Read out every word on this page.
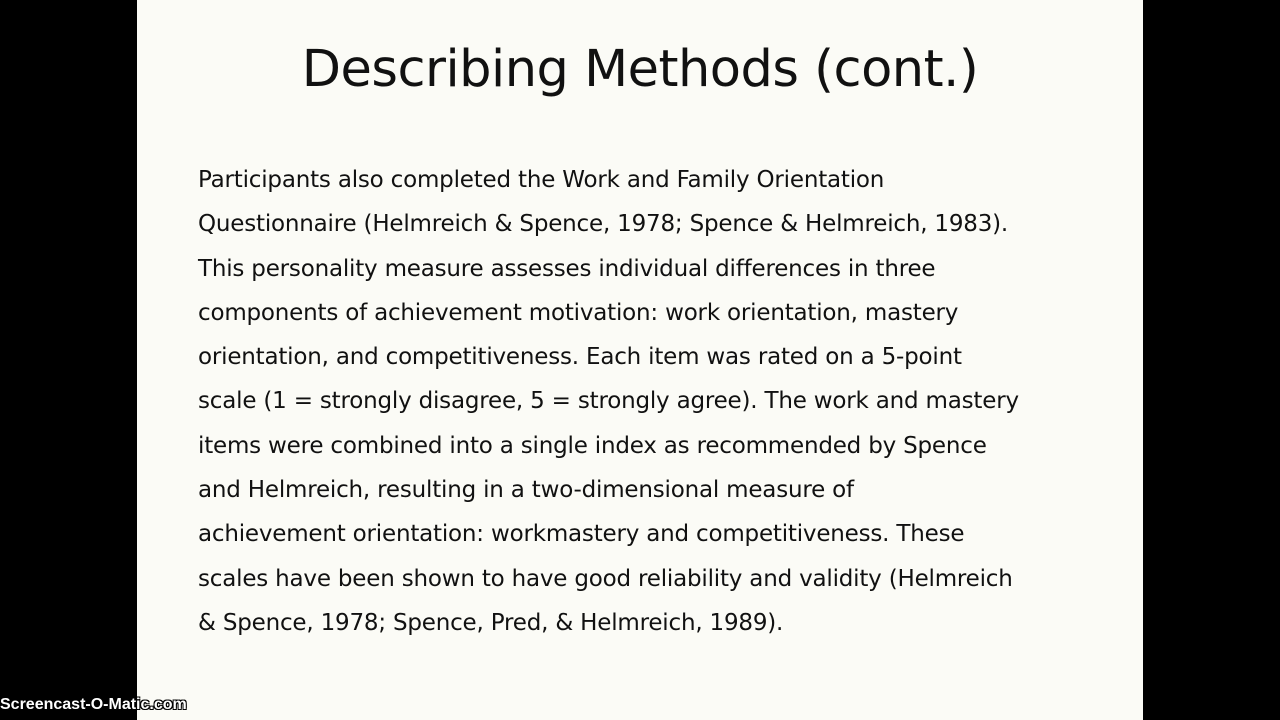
Describing Methods (cont.)
Participants also completed the Work and Family Orientation
Questionnaire (Helmreich & Spence, 1978; Spence & Helmreich, 1983).
This personality measure assesses individual differences in three
components of achievement motivation: work orientation, mastery
orientation, and competitiveness. Each item was rated on a 5-point
scale (1 = strongly disagree, 5 = strongly agree). The work and mastery
items were combined into a single index as recommended by Spence
and Helmreich, resulting in a two-dimensional measure of
achievement orientation: workmastery and competitiveness. These
scales have been shown to have good reliability and validity (Helmreich
& Spence, 1978; Spence, Pred, & Helmreich, 1989).
Screencast-O-Matic.com
